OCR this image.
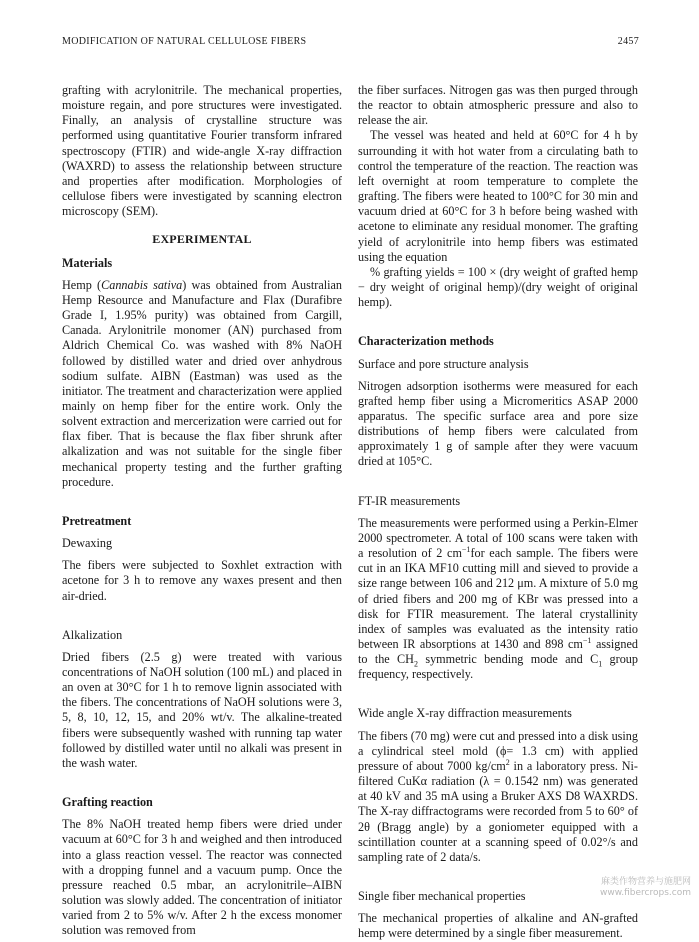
MODIFICATION OF NATURAL CELLULOSE FIBERS	2457

grafting with acrylonitrile. The mechanical properties, moisture regain, and pore structures were investigated. Finally, an analysis of crystalline structure was performed using quantitative Fourier transform infrared spectroscopy (FTIR) and wide-angle X-ray diffraction (WAXRD) to assess the relationship between structure and properties after modification. Morphologies of cellulose fibers were investigated by scanning electron microscopy (SEM).

EXPERIMENTAL
Materials

Hemp (Cannabis sativa) was obtained from Australian Hemp Resource and Manufacture and Flax (Durafibre Grade I, 1.95% purity) was obtained from Cargill, Canada. Arylonitrile monomer (AN) purchased from Aldrich Chemical Co. was washed with 8% NaOH followed by distilled water and dried over anhydrous sodium sulfate. AIBN (Eastman) was used as the initiator. The treatment and characterization were applied mainly on hemp fiber for the entire work. Only the solvent extraction and mercerization were carried out for flax fiber. That is because the flax fiber shrunk after alkalization and was not suitable for the single fiber mechanical property testing and the further grafting procedure.

Pretreatment
Dewaxing

The fibers were subjected to Soxhlet extraction with acetone for 3 h to remove any waxes present and then air-dried.

Alkalization

Dried fibers (2.5 g) were treated with various concentrations of NaOH solution (100 mL) and placed in an oven at 30°C for 1 h to remove lignin associated with the fibers. The concentrations of NaOH solutions were 3, 5, 8, 10, 12, 15, and 20% wt/v. The alkaline-treated fibers were subsequently washed with running tap water followed by distilled water until no alkali was present in the wash water.

Grafting reaction

The 8% NaOH treated hemp fibers were dried under vacuum at 60°C for 3 h and weighed and then introduced into a glass reaction vessel. The reactor was connected with a dropping funnel and a vacuum pump. Once the pressure reached 0.5 mbar, an acrylonitrile–AIBN solution was slowly added. The concentration of initiator varied from 2 to 5% w/v. After 2 h the excess monomer solution was removed from

the fiber surfaces. Nitrogen gas was then purged through the reactor to obtain atmospheric pressure and also to release the air.

The vessel was heated and held at 60°C for 4 h by surrounding it with hot water from a circulating bath to control the temperature of the reaction. The reaction was left overnight at room temperature to complete the grafting. The fibers were heated to 100°C for 30 min and vacuum dried at 60°C for 3 h before being washed with acetone to eliminate any residual monomer. The grafting yield of acrylonitrile into hemp fibers was estimated using the equation

% grafting yields = 100 × (dry weight of grafted hemp − dry weight of original hemp)/(dry weight of original hemp).

Characterization methods
Surface and pore structure analysis

Nitrogen adsorption isotherms were measured for each grafted hemp fiber using a Micromeritics ASAP 2000 apparatus. The specific surface area and pore size distributions of hemp fibers were calculated from approximately 1 g of sample after they were vacuum dried at 105°C.

FT-IR measurements

The measurements were performed using a Perkin-Elmer 2000 spectrometer. A total of 100 scans were taken with a resolution of 2 $cm^{-1}for$ each sample. The fibers were cut in an IKA MF10 cutting mill and sieved to provide a size range between 106 and 212 μm. A mixture of 5.0 mg of dried fibers and 200 mg of KBr was pressed into a disk for FTIR measurement. The lateral crystallinity index of samples was evaluated as the intensity ratio between IR absorptions at 1430 and 898 $cm^{-1}$ assigned to the $CH_2$ symmetric bending mode and $C_1$ group frequency, respectively.

Wide angle X-ray diffraction measurements

The fibers (70 mg) were cut and pressed into a disk using a cylindrical steel mold (ϕ= 1.3 cm) with applied pressure of about 7000 $kg/cm^2$ in a laboratory press. Ni-filtered CuKα radiation (λ = 0.1542 nm) was generated at 40 kV and 35 mA using a Bruker AXS D8 WAXRDS. The X-ray diffractograms were recorded from 5 to 60° of 2θ (Bragg angle) by a goniometer equipped with a scintillation counter at a scanning speed of 0.02°/s and sampling rate of 2 data/s.

Single fiber mechanical properties

The mechanical properties of alkaline and AN-grafted hemp were determined by a single fiber measurement.

麻类作物营养与施肥网
www.fibercrops.com
